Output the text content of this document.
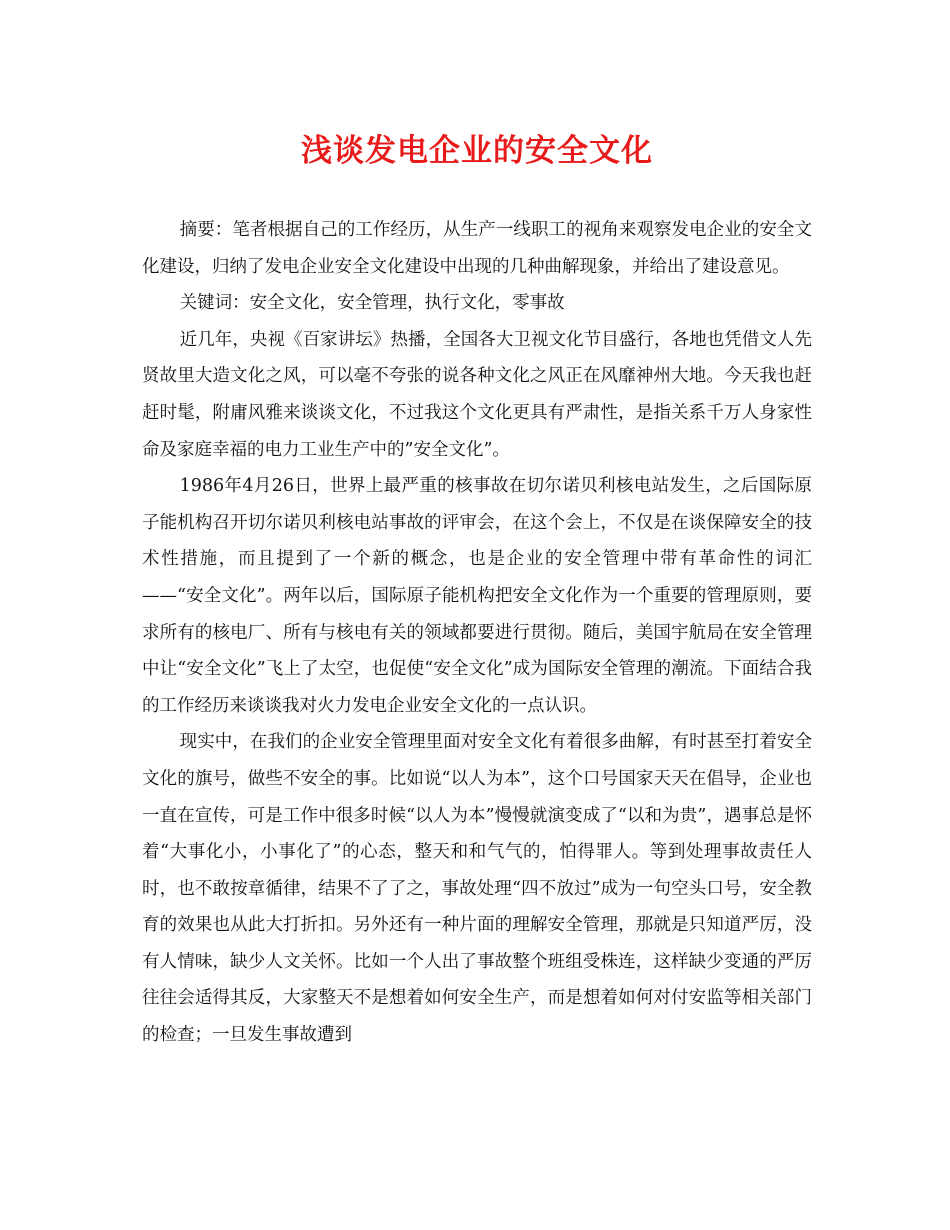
浅谈发电企业的安全文化

摘要：笔者根据自己的工作经历，从生产一线职工的视角来观察发电企业的安全文化建设，归纳了发电企业安全文化建设中出现的几种曲解现象，并给出了建设意见。

关键词：安全文化，安全管理，执行文化，零事故

近几年，央视《百家讲坛》热播，全国各大卫视文化节目盛行，各地也凭借文人先贤故里大造文化之风，可以毫不夸张的说各种文化之风正在风靡神州大地。今天我也赶赶时髦，附庸风雅来谈谈文化，不过我这个文化更具有严肃性，是指关系千万人身家性命及家庭幸福的电力工业生产中的”安全文化”。

1986年4月26日，世界上最严重的核事故在切尔诺贝利核电站发生，之后国际原子能机构召开切尔诺贝利核电站事故的评审会，在这个会上，不仅是在谈保障安全的技术性措施，而且提到了一个新的概念，也是企业的安全管理中带有革命性的词汇——“安全文化”。两年以后，国际原子能机构把安全文化作为一个重要的管理原则，要求所有的核电厂、所有与核电有关的领域都要进行贯彻。随后，美国宇航局在安全管理中让“安全文化”飞上了太空，也促使“安全文化”成为国际安全管理的潮流。下面结合我的工作经历来谈谈我对火力发电企业安全文化的一点认识。

现实中，在我们的企业安全管理里面对安全文化有着很多曲解，有时甚至打着安全文化的旗号，做些不安全的事。比如说“以人为本”，这个口号国家天天在倡导，企业也一直在宣传，可是工作中很多时候“以人为本”慢慢就演变成了“以和为贵”，遇事总是怀着“大事化小，小事化了”的心态，整天和和气气的，怕得罪人。等到处理事故责任人时，也不敢按章循律，结果不了了之，事故处理“四不放过”成为一句空头口号，安全教育的效果也从此大打折扣。另外还有一种片面的理解安全管理，那就是只知道严厉，没有人情味，缺少人文关怀。比如一个人出了事故整个班组受株连，这样缺少变通的严厉往往会适得其反，大家整天不是想着如何安全生产，而是想着如何对付安监等相关部门的检查；一旦发生事故遭到
